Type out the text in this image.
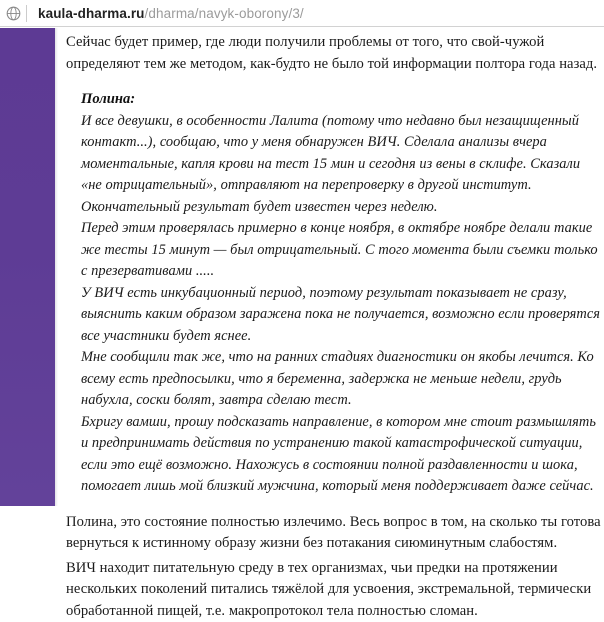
kaula-dharma.ru/dharma/navyk-oborony/3/

Сейчас будет пример, где люди получили проблемы от того, что свой-чужой определяют тем же методом, как-будто не было той информации полтора года назад.

Полина:

И все девушки, в особенности Лалита (потому что недавно был незащищенный контакт...), сообщаю, что у меня обнаружен ВИЧ. Сделала анализы вчера моментальные, капля крови на тест 15 мин и сегодня из вены в склифе. Сказали «не отрицательный», отправляют на перепроверку в другой институт. Окончательный результат будет известен через неделю.

Перед этим проверялась примерно в конце ноября, в октябре ноябре делали такие же тесты 15 минут — был отрицательный. С того момента были съемки только с презервативами .....

У ВИЧ есть инкубационный период, поэтому результат показывает не сразу, выяснить каким образом заражена пока не получается, возможно если проверятся все участники будет яснее.

Мне сообщили так же, что на ранних стадиях диагностики он якобы лечится. Ко всему есть предпосылки, что я беременна, задержка не меньше недели, грудь набухла, соски болят, завтра сделаю тест.

Бхригу вамши, прошу подсказать направление, в котором мне стоит размышлять и предпринимать действия по устранению такой катастрофической ситуации, если это ещё возможно. Нахожусь в состоянии полной раздавленности и шока, помогает лишь мой близкий мужчина, который меня поддерживает даже сейчас.

Полина, это состояние полностью излечимо. Весь вопрос в том, на сколько ты готова вернуться к истинному образу жизни без потакания сиюминутным слабостям.

ВИЧ находит питательную среду в тех организмах, чьи предки на протяжении нескольких поколений питались тяжёлой для усвоения, экстремальной, термически обработанной пищей, т.е. макропротокол тела полностью сломан.
